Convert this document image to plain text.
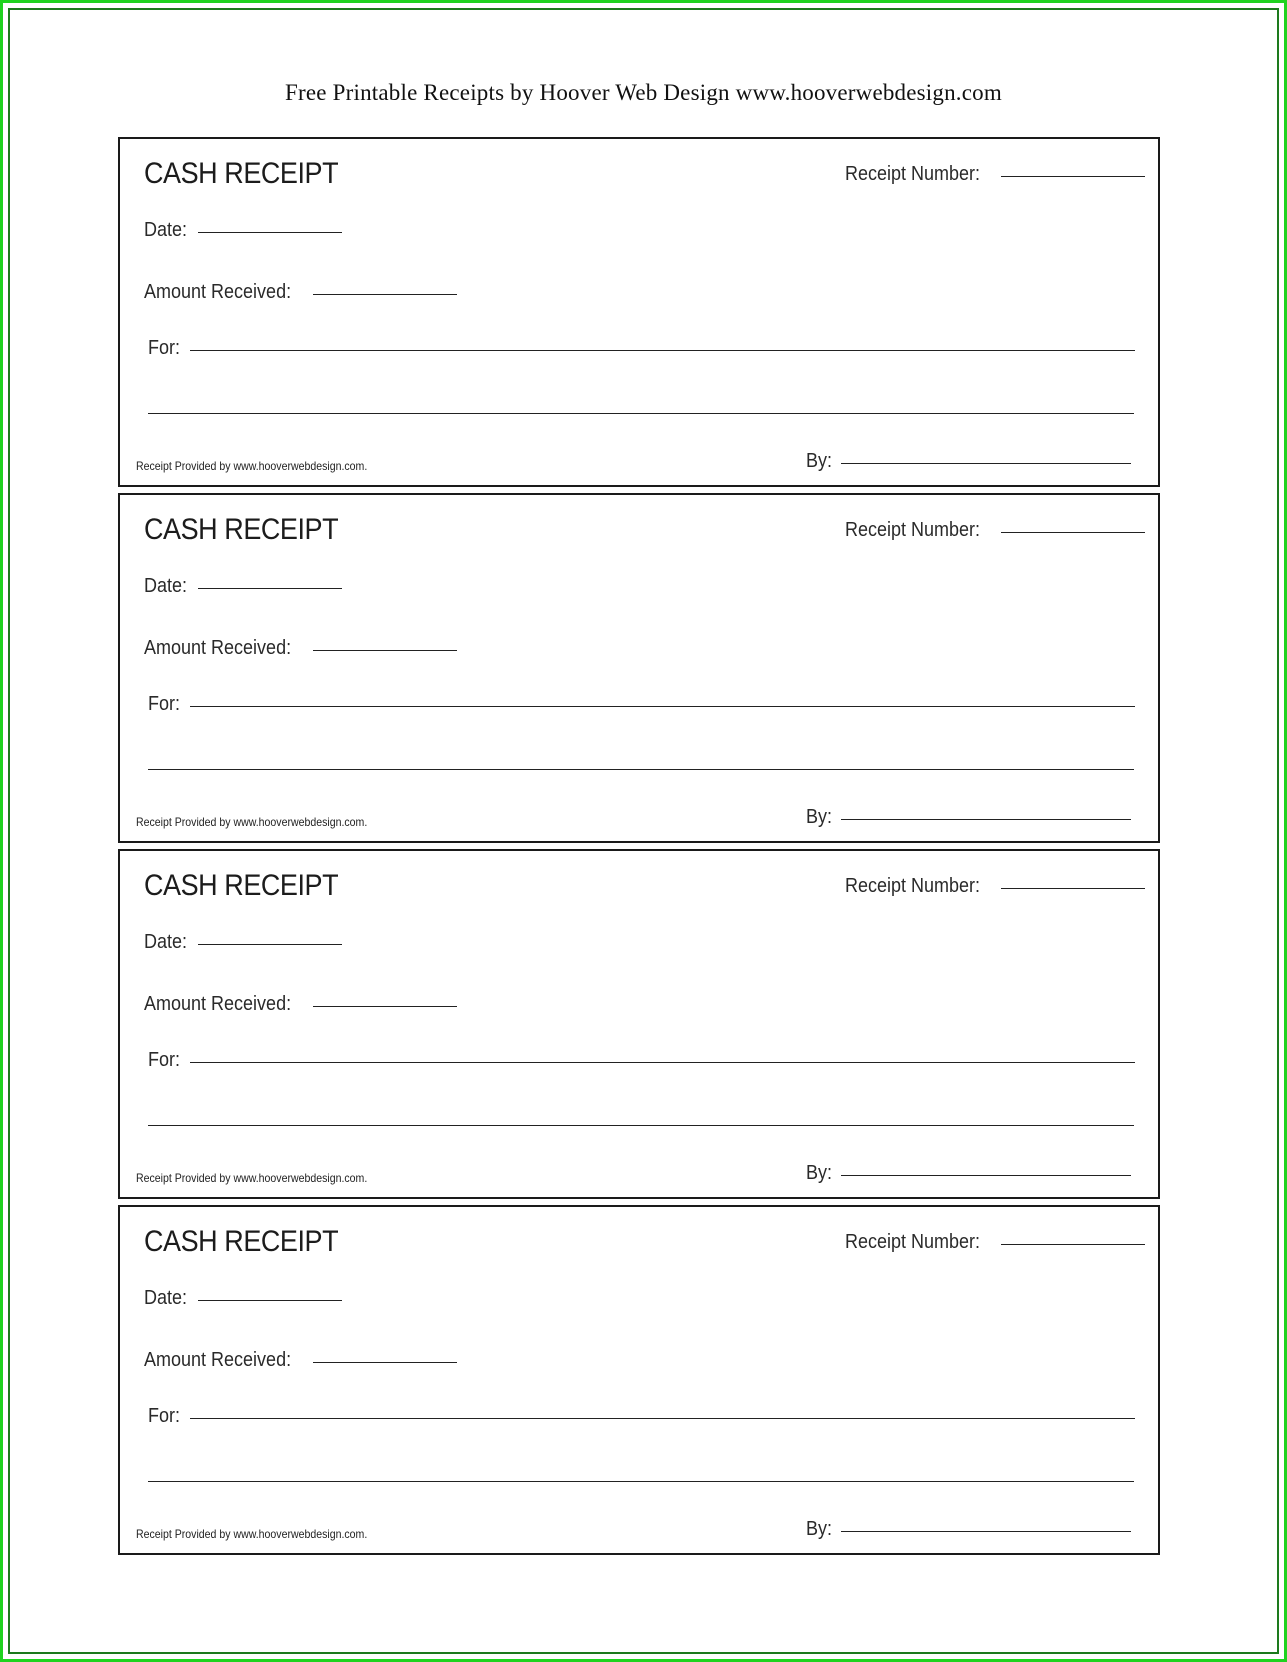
Free Printable Receipts by Hoover Web Design www.hooverwebdesign.com
CASH RECEIPT	Receipt Number:
Date:
Amount Received:
For:
By:
Receipt Provided by www.hooverwebdesign.com.
CASH RECEIPT	Receipt Number:
Date:
Amount Received:
For:
By:
Receipt Provided by www.hooverwebdesign.com.
CASH RECEIPT	Receipt Number:
Date:
Amount Received:
For:
By:
Receipt Provided by www.hooverwebdesign.com.
CASH RECEIPT	Receipt Number:
Date:
Amount Received:
For:
By:
Receipt Provided by www.hooverwebdesign.com.
